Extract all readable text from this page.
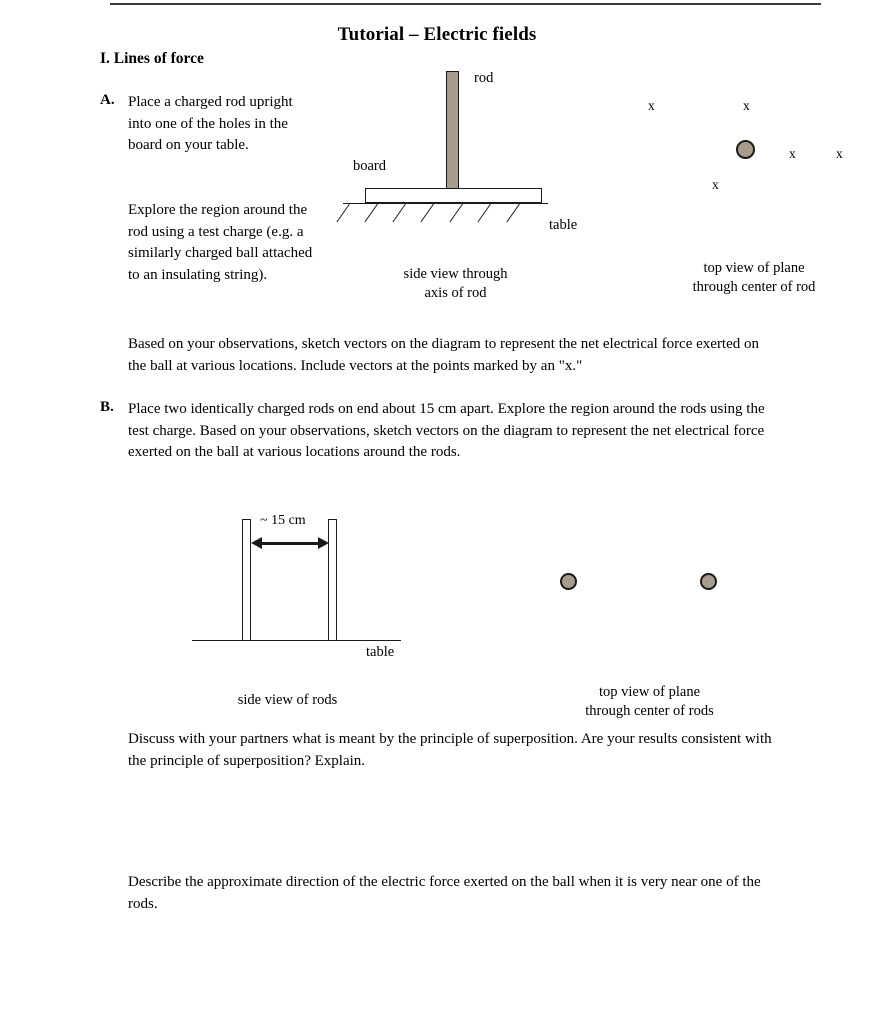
Tutorial – Electric fields
I. Lines of force
A. Place a charged rod upright into one of the holes in the board on your table.
Explore the region around the rod using a test charge (e.g. a similarly charged ball attached to an insulating string).
Based on your observations, sketch vectors on the diagram to represent the net electrical force exerted on the ball at various locations. Include vectors at the points marked by an "x."
rod
board
table
side view through
axis of rod
x	x
x	x
x
top view of plane
through center of rod
B. Place two identically charged rods on end about 15 cm apart. Explore the region around the rods using the test charge. Based on your observations, sketch vectors on the diagram to represent the net electrical force exerted on the ball at various locations around the rods.
~ 15 cm
table
side view of rods	top view of plane
through center of rods
Discuss with your partners what is meant by the principle of superposition. Are your results consistent with the principle of superposition? Explain.
Describe the approximate direction of the electric force exerted on the ball when it is very near one of the rods.
